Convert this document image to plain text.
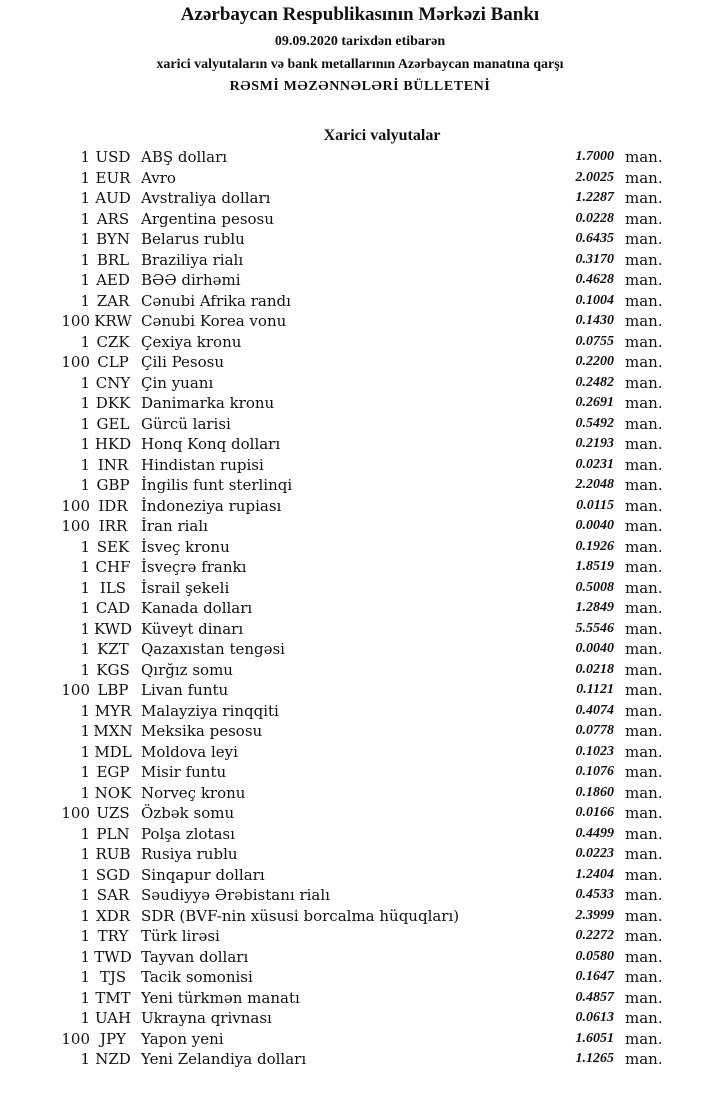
Azərbaycan Respublikasının Mərkəzi Bankı
09.09.2020 tarixdən etibarən
xarici valyutaların və bank metallarının Azərbaycan manatına qarşı
RƏSMİ MƏZƏNNƏLƏRİ BÜLLETENİ
Xarici valyutalar
1 USD ABŞ dolları	1.7000 man.
1 EUR Avro	2.0025 man.
1 AUD Avstraliya dolları	1.2287 man.
1 ARS Argentina pesosu	0.0228 man.
1 BYN Belarus rublu	0.6435 man.
1 BRL Braziliya rialı	0.3170 man.
1 AED BƏƏ dirhəmi	0.4628 man.
1 ZAR Cənubi Afrika randı	0.1004 man.
100 KRW Cənubi Korea vonu	0.1430 man.
1 CZK Çexiya kronu	0.0755 man.
100 CLP Çili Pesosu	0.2200 man.
1 CNY Çin yuanı	0.2482 man.
1 DKK Danimarka kronu	0.2691 man.
1 GEL Gürcü larisi	0.5492 man.
1 HKD Honq Konq dolları	0.2193 man.
1 INR Hindistan rupisi	0.0231 man.
1 GBP İngilis funt sterlinqi	2.2048 man.
100 IDR İndoneziya rupiası	0.0115 man.
100 IRR İran rialı	0.0040 man.
1 SEK İsveç kronu	0.1926 man.
1 CHF İsveçrə frankı	1.8519 man.
1 ILS İsrail şekeli	0.5008 man.
1 CAD Kanada dolları	1.2849 man.
1 KWD Küveyt dinarı	5.5546 man.
1 KZT Qazaxıstan tengəsi	0.0040 man.
1 KGS Qırğız somu	0.0218 man.
100 LBP Livan funtu	0.1121 man.
1 MYR Malayziya rinqqiti	0.4074 man.
1 MXN Meksika pesosu	0.0778 man.
1 MDL Moldova leyi	0.1023 man.
1 EGP Misir funtu	0.1076 man.
1 NOK Norveç kronu	0.1860 man.
100 UZS Özbək somu	0.0166 man.
1 PLN Polşa zlotası	0.4499 man.
1 RUB Rusiya rublu	0.0223 man.
1 SGD Sinqapur dolları	1.2404 man.
1 SAR Səudiyyə Ərəbistanı rialı	0.4533 man.
1 XDR SDR (BVF-nin xüsusi borcalma hüquqları)	2.3999 man.
1 TRY Türk lirəsi	0.2272 man.
1 TWD Tayvan dolları	0.0580 man.
1 TJS Tacik somonisi	0.1647 man.
1 TMT Yeni türkmən manatı	0.4857 man.
1 UAH Ukrayna qrivnası	0.0613 man.
100 JPY	Yapon yeni	1.6051 man.
1 NZD Yeni Zelandiya dolları	1.1265 man.
